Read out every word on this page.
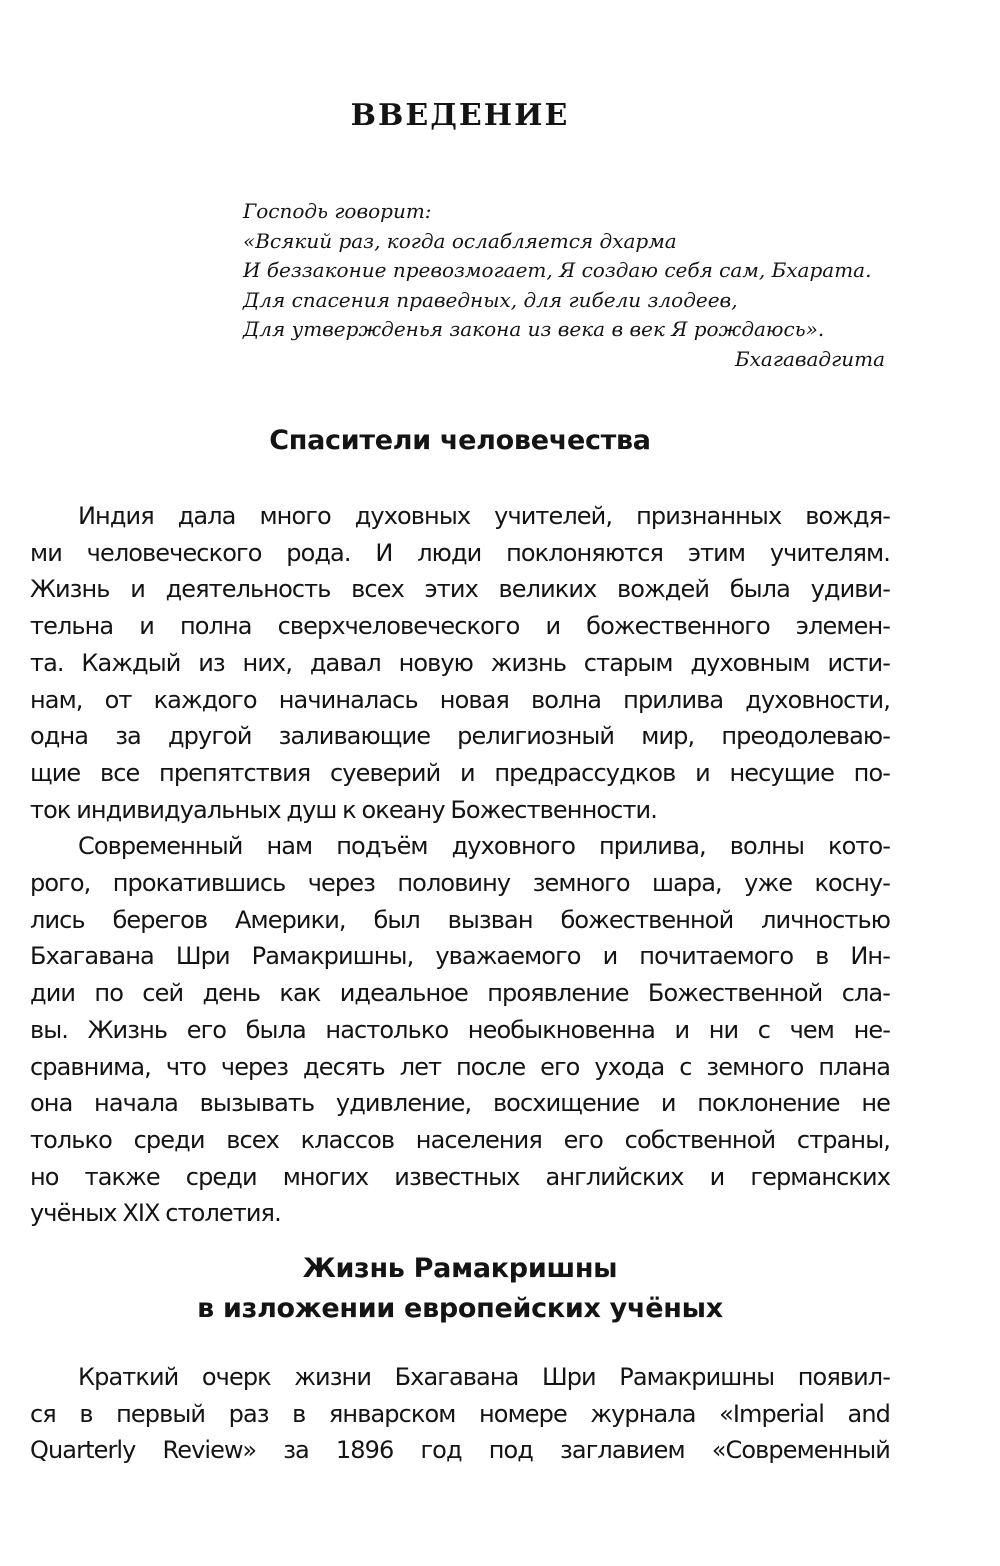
ВВЕДЕНИЕ
Господь говорит:
«Всякий раз, когда ослабляется дхарма
И беззаконие превозмогает, Я создаю себя сам, Бхарата.
Для спасения праведных, для гибели злодеев,
Для утвержденья закона из века в век Я рождаюсь».
Бхагавадгита
Спасители человечества
Индия дала много духовных учителей, признанных вождя-
ми человеческого рода. И люди поклоняются этим учителям.
Жизнь и деятельность всех этих великих вождей была удиви-
тельна и полна сверхчеловеческого и божественного элемен-
та. Каждый из них, давал новую жизнь старым духовным исти-
нам, от каждого начиналась новая волна прилива духовности,
одна за другой заливающие религиозный мир, преодолеваю-
щие все препятствия суеверий и предрассудков и несущие по-
ток индивидуальных душ к океану Божественности.
Современный нам подъём духовного прилива, волны кото-
рого, прокатившись через половину земного шара, уже косну-
лись берегов Америки, был вызван божественной личностью
Бхагавана Шри Рамакришны, уважаемого и почитаемого в Ин-
дии по сей день как идеальное проявление Божественной сла-
вы. Жизнь его была настолько необыкновенна и ни с чем не-
сравнима, что через десять лет после его ухода с земного плана
она начала вызывать удивление, восхищение и поклонение не
только среди всех классов населения его собственной страны,
но также среди многих известных английских и германских
учёных XIX столетия.
Жизнь Рамакришны
в изложении европейских учёных
Краткий очерк жизни Бхагавана Шри Рамакришны появил-
ся в первый раз в январском номере журнала «Imperial and
Quarterly Review» за 1896 год под заглавием «Современный
